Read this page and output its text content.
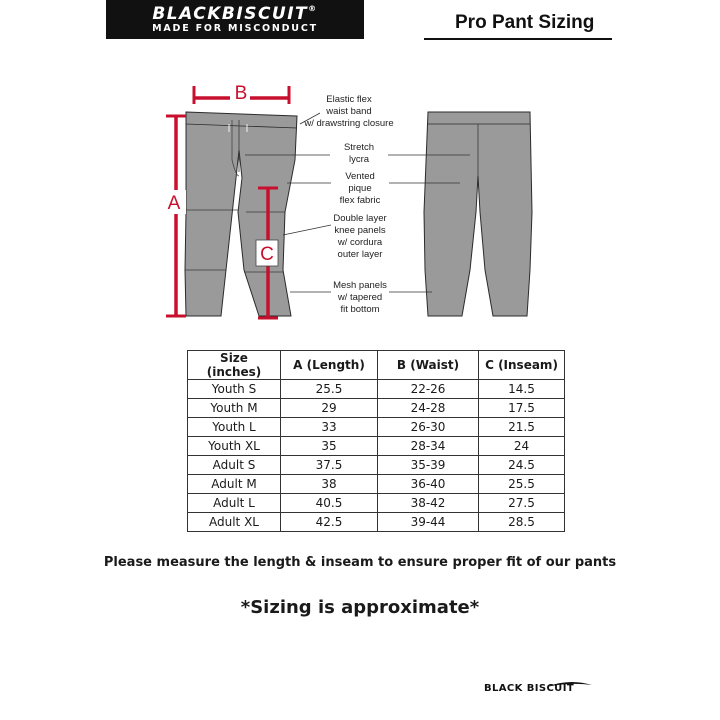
BLACKBISCUIT®
MADE FOR MISCONDUCT	Pro Pant Sizing
B
A
C
Elastic flex
waist band
w/ drawstring closure
Stretch
lycra
Vented
pique
flex fabric
Double layer
knee panels
w/ cordura
outer layer
Mesh panels
w/ tapered
fit bottom
Size (inches)	A (Length)	B (Waist)	C (Inseam)
Youth S	25.5	22-26	14.5
Youth M	29	24-28	17.5
Youth L	33	26-30	21.5
Youth XL	35	28-34	24
Adult S	37.5	35-39	24.5
Adult M	38	36-40	25.5
Adult L	40.5	38-42	27.5
Adult XL	42.5	39-44	28.5
Please measure the length & inseam to ensure proper fit of our pants
*Sizing is approximate*
BLACK BISCUIT
